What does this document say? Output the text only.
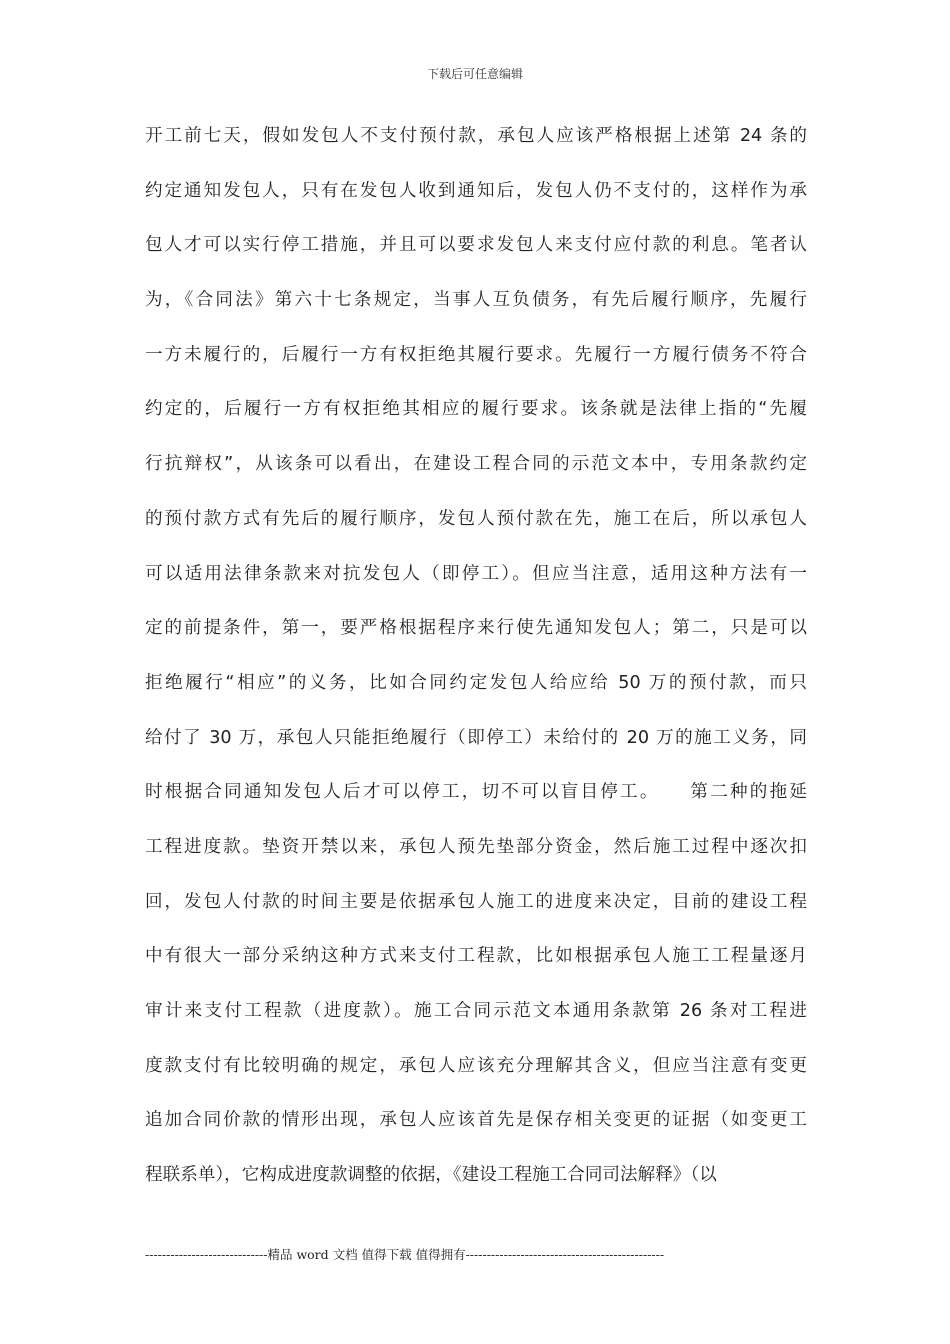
下载后可任意编辑
开工前七天，假如发包人不支付预付款，承包人应该严格根据上述第 24 条的
约定通知发包人，只有在发包人收到通知后，发包人仍不支付的，这样作为承
包人才可以实行停工措施，并且可以要求发包人来支付应付款的利息。笔者认
为，《合同法》第六十七条规定，当事人互负债务，有先后履行顺序，先履行
一方未履行的，后履行一方有权拒绝其履行要求。先履行一方履行债务不符合
约定的，后履行一方有权拒绝其相应的履行要求。该条就是法律上指的“先履
行抗辩权”，从该条可以看出，在建设工程合同的示范文本中，专用条款约定
的预付款方式有先后的履行顺序，发包人预付款在先，施工在后，所以承包人
可以适用法律条款来对抗发包人（即停工）。但应当注意，适用这种方法有一
定的前提条件，第一，要严格根据程序来行使先通知发包人；第二，只是可以
拒绝履行“相应”的义务，比如合同约定发包人给应给 50 万的预付款，而只
给付了 30 万，承包人只能拒绝履行（即停工）未给付的 20 万的施工义务，同
时根据合同通知发包人后才可以停工，切不可以盲目停工。　　第二种的拖延
工程进度款。垫资开禁以来，承包人预先垫部分资金，然后施工过程中逐次扣
回，发包人付款的时间主要是依据承包人施工的进度来决定，目前的建设工程
中有很大一部分采纳这种方式来支付工程款，比如根据承包人施工工程量逐月
审计来支付工程款（进度款）。施工合同示范文本通用条款第 26 条对工程进
度款支付有比较明确的规定，承包人应该充分理解其含义，但应当注意有变更
追加合同价款的情形出现，承包人应该首先是保存相关变更的证据（如变更工
程联系单），它构成进度款调整的依据，《建设工程施工合同司法解释》（以
-----------------------------精品 word 文档 值得下载 值得拥有-----------------------------------------------
